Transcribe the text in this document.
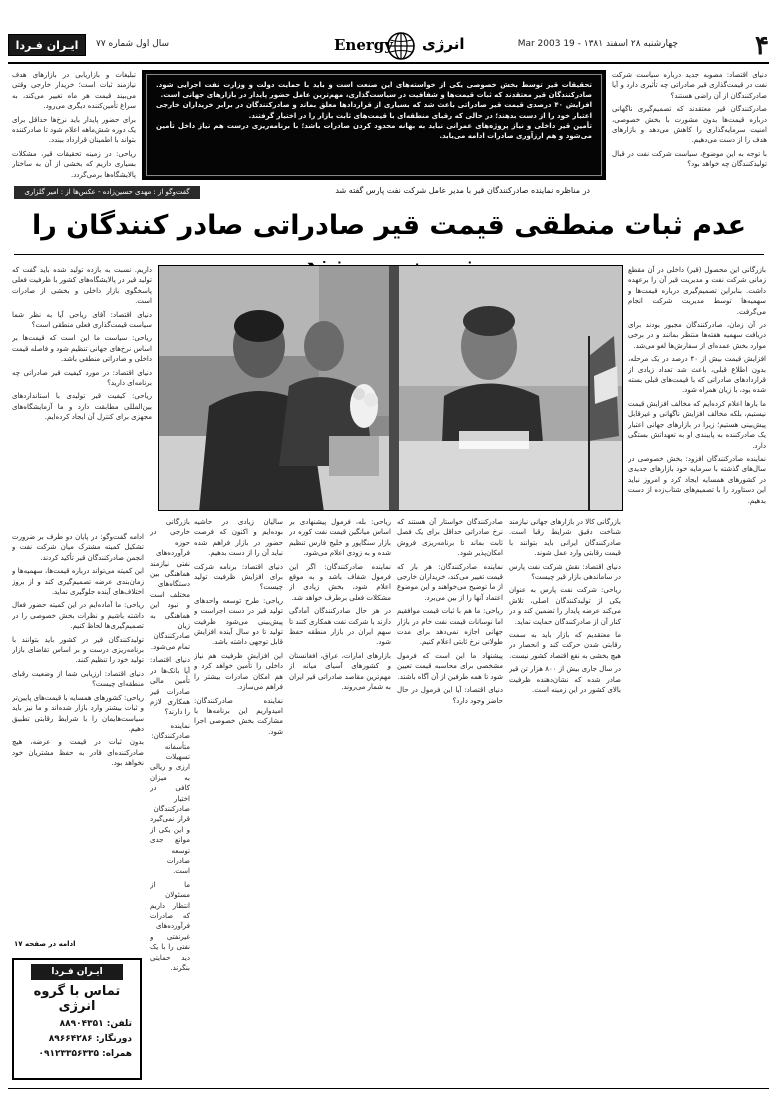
ایـران فـردا	سال اول شماره ۷۷	Energy انرژی	چهارشنبه ۲۸ اسفند ۱۳۸۱ - 19 Mar 2003	۴

دنیای اقتصاد: مصوبه جدید درباره سیاست شرکت نفت در قیمت‌گذاری قیر صادراتی چه تأثیری دارد و آیا صادرکنندگان از آن راضی هستند؟

صادرکنندگان قیر معتقدند که تصمیم‌گیری ناگهانی درباره قیمت‌ها بدون مشورت با بخش خصوصی، امنیت سرمایه‌گذاری را کاهش می‌دهد و بازارهای هدف را از دست می‌دهیم.

با توجه به این موضوع، سیاست شرکت نفت در قبال تولیدکنندگان چه خواهد بود؟

تبلیغات و بازاریابی در بازارهای هدف نیازمند ثبات است؛ خریدار خارجی وقتی می‌بیند قیمت هر ماه تغییر می‌کند، به سراغ تأمین‌کننده دیگری می‌رود.

برای حضور پایدار باید نرخ‌ها حداقل برای یک دوره شش‌ماهه اعلام شود تا صادرکننده بتواند با اطمینان قرارداد ببندد.

ریاحی: در زمینه تحقیقات قیر، مشکلات بسیاری داریم که بخشی از آن به ساختار پالایشگاه‌ها برمی‌گردد.

تحقیقات قیر توسط بخش خصوصی یکی از خواسته‌های این صنعت است و باید با حمایت دولت و وزارت نفت اجرایی شود. صادرکنندگان قیر معتقدند که ثبات قیمت‌ها و شفافیت در سیاست‌گذاری، مهم‌ترین عامل حضور پایدار در بازارهای جهانی است.

افزایش ۴۰ درصدی قیمت قیر صادراتی باعث شد که بسیاری از قراردادها معلق بماند و صادرکنندگان در برابر خریداران خارجی اعتبار خود را از دست بدهند؛ در حالی که رقبای منطقه‌ای با قیمت‌های ثابت بازار را در اختیار گرفتند.

تأمین قیر داخلی و نیاز پروژه‌های عمرانی نباید به بهانه محدود کردن صادرات باشد؛ با برنامه‌ریزی درست هم نیاز داخل تأمین می‌شود و هم ارزآوری صادرات ادامه می‌یابد.

گفت‌وگو از : مهدی حسین‌زاده - عکس‌ها از : امیر گلزاری	در مناظره نماینده صادرکنندگان قیر با مدیر عامل شرکت نفت پارس گفته شد
عدم ثبات منطقی قیمت قیر صادراتی صادر کنندگان را

بازرگانی این محصول (قیر) داخلی در آن مقطع زمانی شرکت نفت و مدیریت قیر آن را برعهده داشت. بنابراین تصمیم‌گیری درباره قیمت‌ها و سهمیه‌ها توسط مدیریت شرکت انجام می‌گرفت.

در آن زمان، صادرکنندگان مجبور بودند برای دریافت سهمیه هفته‌ها منتظر بمانند و در برخی موارد بخش عمده‌ای از سفارش‌ها لغو می‌شد.

افزایش قیمت بیش از ۴۰ درصد در یک مرحله، بدون اطلاع قبلی، باعث شد تعداد زیادی از قراردادهای صادراتی که با قیمت‌های قبلی بسته شده بود، با زیان همراه شود.

ما بارها اعلام کرده‌ایم که مخالف افزایش قیمت نیستیم، بلکه مخالف افزایش ناگهانی و غیرقابل پیش‌بینی هستیم؛ زیرا در بازارهای جهانی اعتبار یک صادرکننده به پایبندی او به تعهداتش بستگی دارد.

نماینده صادرکنندگان افزود: بخش خصوصی در سال‌های گذشته با سرمایه خود بازارهای جدیدی در کشورهای همسایه ایجاد کرد و امروز نباید این دستاورد را با تصمیم‌های شتاب‌زده از دست بدهیم.

داریم. نسبت به بازده تولید شده باید گفت که تولید قیر در پالایشگاه‌های کشور با ظرفیت فعلی پاسخگوی بازار داخلی و بخشی از صادرات است.

دنیای اقتصاد: آقای ریاحی آیا به نظر شما سیاست قیمت‌گذاری فعلی منطقی است؟

ریاحی: سیاست ما این است که قیمت‌ها بر اساس نرخ‌های جهانی تنظیم شود و فاصله قیمت داخلی و صادراتی منطقی باشد.

دنیای اقتصاد: در مورد کیفیت قیر صادراتی چه برنامه‌ای دارید؟

ریاحی: کیفیت قیر تولیدی با استانداردهای بین‌المللی مطابقت دارد و ما آزمایشگاه‌های مجهزی برای کنترل آن ایجاد کرده‌ایم.

بازرگانی کالا در بازارهای جهانی نیازمند شناخت دقیق شرایط رقبا است. صادرکنندگان ایرانی باید بتوانند با قیمت رقابتی وارد عمل شوند.

دنیای اقتصاد: نقش شرکت نفت پارس در ساماندهی بازار قیر چیست؟

ریاحی: شرکت نفت پارس به عنوان یکی از تولیدکنندگان اصلی، تلاش می‌کند عرضه پایدار را تضمین کند و در کنار آن از صادرکنندگان حمایت نماید.

ما معتقدیم که بازار باید به سمت رقابتی شدن حرکت کند و انحصار در هیچ بخشی به نفع اقتصاد کشور نیست.

در سال جاری بیش از ۸۰۰ هزار تن قیر صادر شده که نشان‌دهنده ظرفیت بالای کشور در این زمینه است.

صادرکنندگان خواستار آن هستند که نرخ صادراتی حداقل برای یک فصل ثابت بماند تا برنامه‌ریزی فروش امکان‌پذیر شود.

نماینده صادرکنندگان: هر بار که قیمت تغییر می‌کند، خریداران خارجی از ما توضیح می‌خواهند و این موضوع اعتماد آنها را از بین می‌برد.

ریاحی: ما هم با ثبات قیمت موافقیم اما نوسانات قیمت نفت خام در بازار جهانی اجازه نمی‌دهد برای مدت طولانی نرخ ثابتی اعلام کنیم.

پیشنهاد ما این است که فرمول مشخصی برای محاسبه قیمت تعیین شود تا همه طرفین از آن آگاه باشند.

دنیای اقتصاد: آیا این فرمول در حال حاضر وجود دارد؟

ریاحی: بله، فرمول پیشنهادی بر اساس میانگین قیمت نفت کوره در بازار سنگاپور و خلیج فارس تنظیم شده و به زودی اعلام می‌شود.

نماینده صادرکنندگان: اگر این فرمول شفاف باشد و به موقع اعلام شود، بخش زیادی از مشکلات فعلی برطرف خواهد شد.

در هر حال صادرکنندگان آمادگی دارند با شرکت نفت همکاری کنند تا سهم ایران در بازار منطقه حفظ شود.

بازارهای امارات، عراق، افغانستان و کشورهای آسیای میانه از مهم‌ترین مقاصد صادراتی قیر ایران به شمار می‌روند.

سالیان زیادی در حاشیه بوده‌ایم و اکنون که فرصت حضور در بازار فراهم شده نباید آن را از دست بدهیم.

دنیای اقتصاد: برنامه شرکت برای افزایش ظرفیت تولید چیست؟

ریاحی: طرح توسعه واحدهای تولید قیر در دست اجراست و پیش‌بینی می‌شود ظرفیت تولید تا دو سال آینده افزایش قابل توجهی داشته باشد.

این افزایش ظرفیت هم نیاز داخلی را تأمین خواهد کرد و هم امکان صادرات بیشتر را فراهم می‌سازد.

نماینده صادرکنندگان: امیدواریم این برنامه‌ها با مشارکت بخش خصوصی اجرا شود.

بازرگانی خارجی در حوزه فرآورده‌های نفتی نیازمند هماهنگی بین دستگاه‌های مختلف است و نبود این هماهنگی به زیان صادرکنندگان تمام می‌شود.

دنیای اقتصاد: آیا بانک‌ها در تأمین مالی صادرات قیر همکاری لازم را دارند؟

نماینده صادرکنندگان: متأسفانه تسهیلات ارزی و ریالی به میزان کافی در اختیار صادرکنندگان قرار نمی‌گیرد و این یکی از موانع جدی توسعه صادرات است.

ما از مسئولان انتظار داریم که صادرات فرآورده‌های غیرنفتی و نفتی را با یک دید حمایتی بنگرند.

ادامه گفت‌وگو: در پایان دو طرف بر ضرورت تشکیل کمیته مشترک میان شرکت نفت و انجمن صادرکنندگان قیر تأکید کردند.

این کمیته می‌تواند درباره قیمت‌ها، سهمیه‌ها و زمان‌بندی عرضه تصمیم‌گیری کند و از بروز اختلاف‌های آینده جلوگیری نماید.

ریاحی: ما آماده‌ایم در این کمیته حضور فعال داشته باشیم و نظرات بخش خصوصی را در تصمیم‌گیری‌ها لحاظ کنیم.

تولیدکنندگان قیر در کشور باید بتوانند با برنامه‌ریزی درست و بر اساس تقاضای بازار تولید خود را تنظیم کنند.

دنیای اقتصاد: ارزیابی شما از وضعیت رقبای منطقه‌ای چیست؟

ریاحی: کشورهای همسایه با قیمت‌های پایین‌تر و ثبات بیشتر وارد بازار شده‌اند و ما نیز باید سیاست‌هایمان را با شرایط رقابتی تطبیق دهیم.

بدون ثبات در قیمت و عرضه، هیچ صادرکننده‌ای قادر به حفظ مشتریان خود نخواهد بود.

ادامه در صفحه ۱۷
ایـران فـردا
تماس با گروه انرژی
تلفن: ۸۸۹۰۴۳۵۱
دورنگار: ۸۹۶۶۴۲۸۶
همراه: ۰۹۱۲۳۳۵۶۳۳۵
